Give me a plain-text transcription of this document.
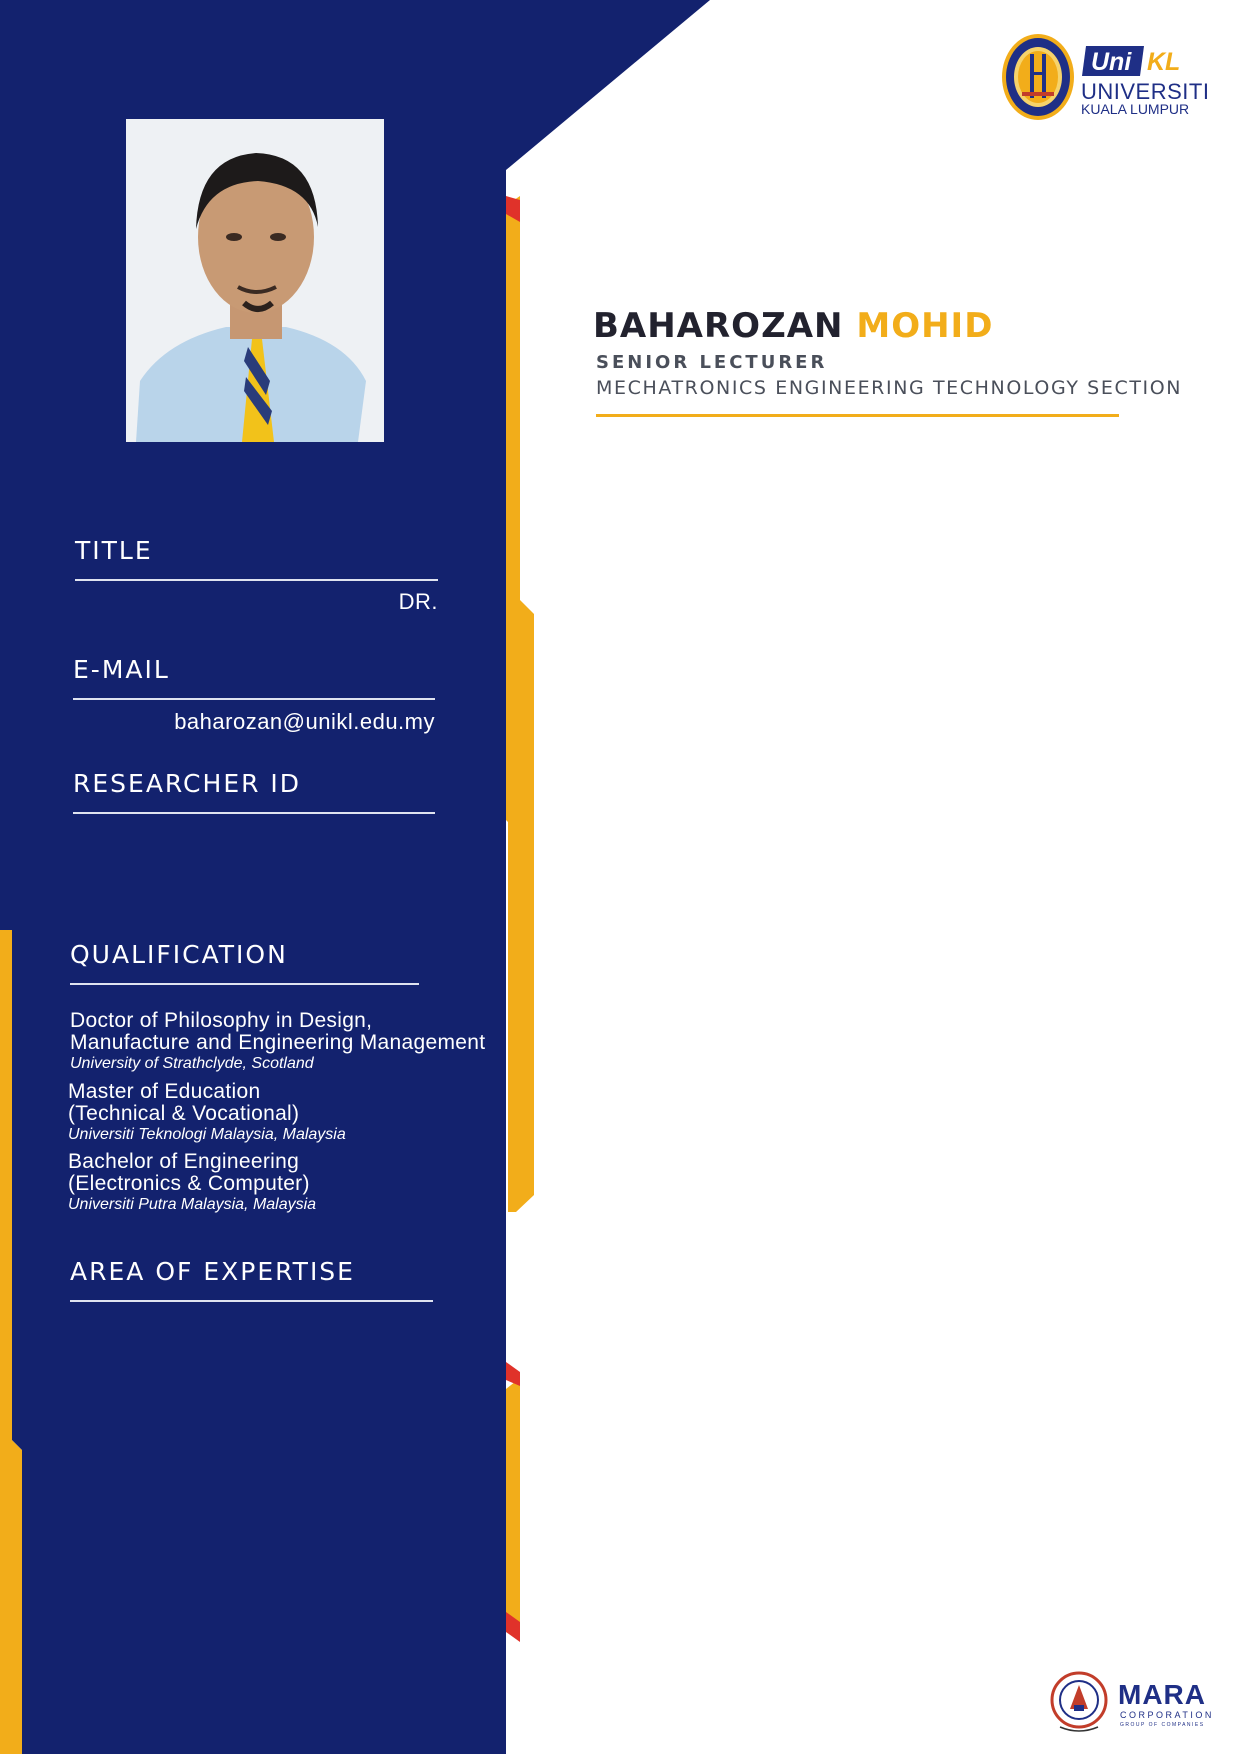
Uni KL
UNIVERSITI
KUALA LUMPUR
BAHAROZAN MOHID
SENIOR LECTURER
MECHATRONICS ENGINEERING TECHNOLOGY SECTION
TITLE
DR.
E-MAIL
baharozan@unikl.edu.my
RESEARCHER ID
QUALIFICATION
Doctor of Philosophy in Design,
Manufacture and Engineering Management
University of Strathclyde, Scotland
Master of Education
(Technical & Vocational)
Universiti Teknologi Malaysia, Malaysia
Bachelor of Engineering
(Electronics & Computer)
Universiti Putra Malaysia, Malaysia
AREA OF EXPERTISE
MARA
CORPORATION
GROUP OF COMPANIES
